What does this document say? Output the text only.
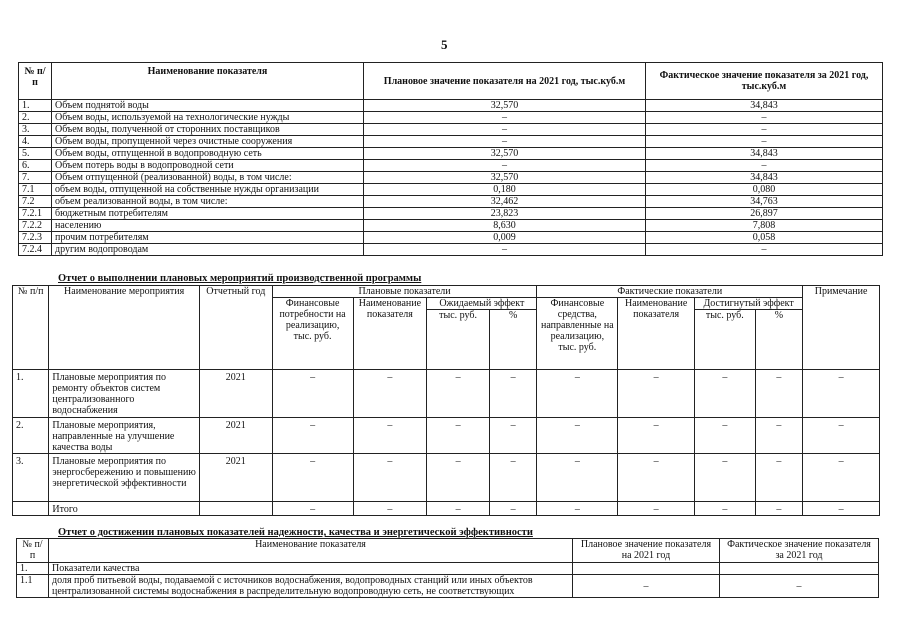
5
№ п/п	Наименование показателя	Плановое значение показателя на 2021 год, тыс.куб.м	Фактическое значение показателя за 2021 год, тыс.куб.м
1.	Объем поднятой воды	32,570	34,843
2.	Объем воды, используемой на технологические нужды	–	–
3.	Объем воды, полученной от сторонних поставщиков	–	–
4.	Объем воды, пропущенной через очистные сооружения	–	–
5.	Объем воды, отпущенной в водопроводную сеть	32,570	34,843
6.	Объем потерь воды в водопроводной сети	–	–
7.	Объем отпущенной (реализованной) воды, в том числе:	32,570	34,843
7.1	объем воды, отпущенной на собственные нужды организации	0,180	0,080
7.2	объем реализованной воды, в том числе:	32,462	34,763
7.2.1	бюджетным потребителям	23,823	26,897
7.2.2	населению	8,630	7,808
7.2.3	прочим потребителям	0,009	0,058
7.2.4	другим водопроводам	–	–
Отчет о выполнении плановых мероприятий производственной программы
№ п/п	Наименование мероприятия	Отчетный год	Плановые показатели				Фактические показатели				Примечание
			Финансовые потребности на реализацию, тыс. руб.	Наименование показателя	Ожидаемый эффект		Финансовые средства, направленные на реализацию, тыс. руб.	Наименование показателя	Достигнутый эффект		
					тыс. руб.	%			тыс. руб.	%	
1.	Плановые мероприятия по ремонту объектов систем централизованного водоснабжения	2021	–	–	–	–	–	–	–	–	–
2.	Плановые мероприятия, направленные на улучшение качества воды	2021	–	–	–	–	–	–	–	–	–
3.	Плановые мероприятия по энергосбережению и повышению энергетической эффективности	2021	–	–	–	–	–	–	–	–	–
	Итого		–	–	–	–	–	–	–	–	–
Отчет о достижении плановых показателей надежности, качества и энергетической эффективности
№ п/п	Наименование показателя	Плановое значение показателя на 2021 год	Фактическое значение показателя за 2021 год
1.	Показатели качества		
1.1	доля проб питьевой воды, подаваемой с источников водоснабжения, водопроводных станций или иных объектов централизованной системы водоснабжения в распределительную водопроводную сеть, не соответствующих	–	–
